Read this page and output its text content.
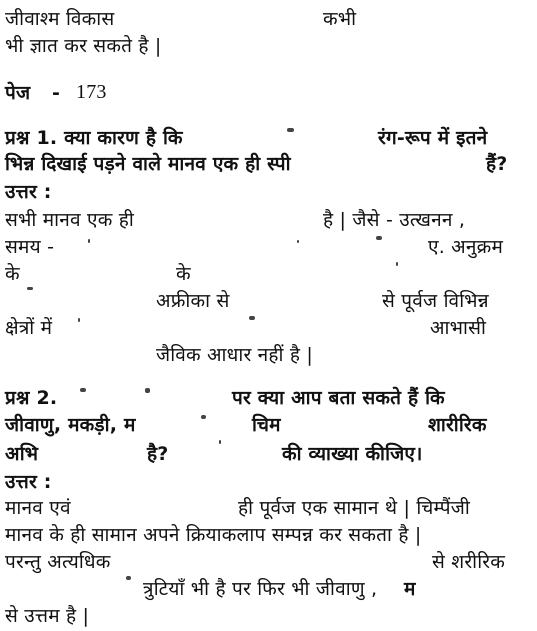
जीवाश्म विकास	कभी
भी ज्ञात कर सकते है |
पेज - 173
प्रश्न 1. क्या कारण है कि	रंग-रूप में इतने
भिन्न दिखाई पड़ने वाले मानव एक ही स्पी	हैं?
उत्तर :
सभी मानव एक ही	है | जैसे - उत्खनन ,
समय -	ए. अनुक्रम
के	के
अफ्रीका से	से पूर्वज विभिन्न
क्षेत्रों में	आभासी
जैविक आधार नहीं है |
प्रश्न 2.	पर क्या आप बता सकते हैं कि
जीवाणु, मकड़ी, म	चिम	शारीरिक
अभि	है?	की व्याख्या कीजिए।
उत्तर :
मानव एवं	ही पूर्वज एक सामान थे | चिम्पैंजी
मानव के ही सामान अपने क्रियाकलाप सम्पन्न कर सकता है |
परन्तु अत्यधिक	से शरीरिक
त्रुटियाँ भी है पर फिर भी जीवाणु , म
से उत्तम है |
